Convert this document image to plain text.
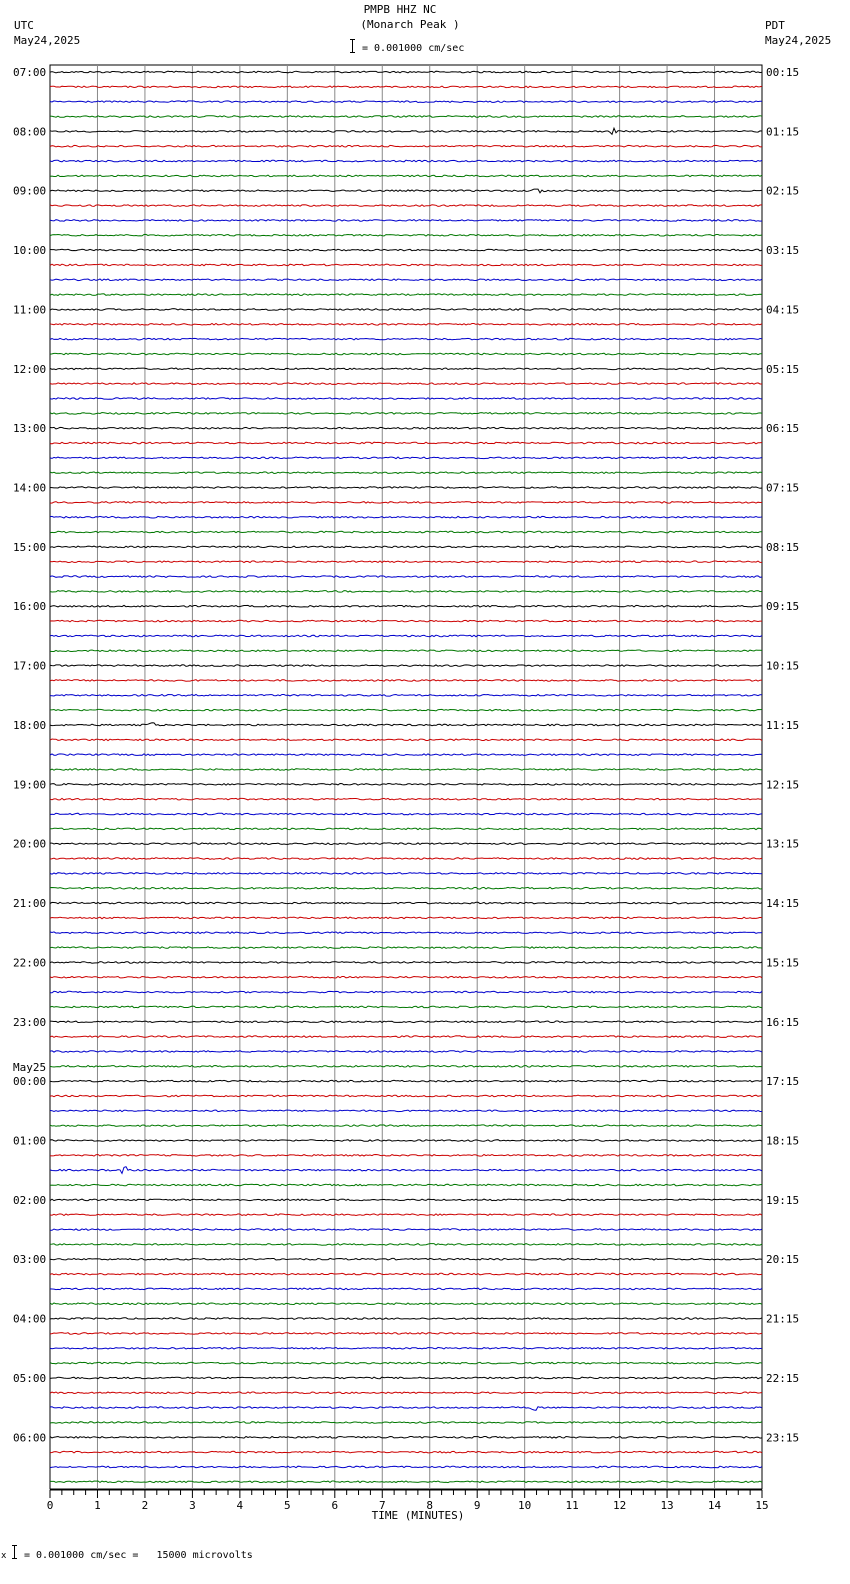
PMPB HHZ NC
(Monarch Peak )
= 0.001000 cm/sec
UTC
May24,2025
PDT
May24,2025
0	1	2	3	4	5	6	7	8	9	10	11	12	13	14	15
07:00
08:00
09:00
10:00
11:00
12:00
13:00
14:00
15:00
16:00
17:00
18:00
19:00
20:00
21:00
22:00
23:00
00:00
May25
01:00
02:00
03:00
04:00
05:00
06:00
00:15
01:15
02:15
03:15
04:15
05:15
06:15
07:15
08:15
09:15
10:15
11:15
12:15
13:15
14:15
15:15
16:15
17:15
18:15
19:15
20:15
21:15
22:15
23:15
TIME (MINUTES)
x = 0.001000 cm/sec =   15000 microvolts
